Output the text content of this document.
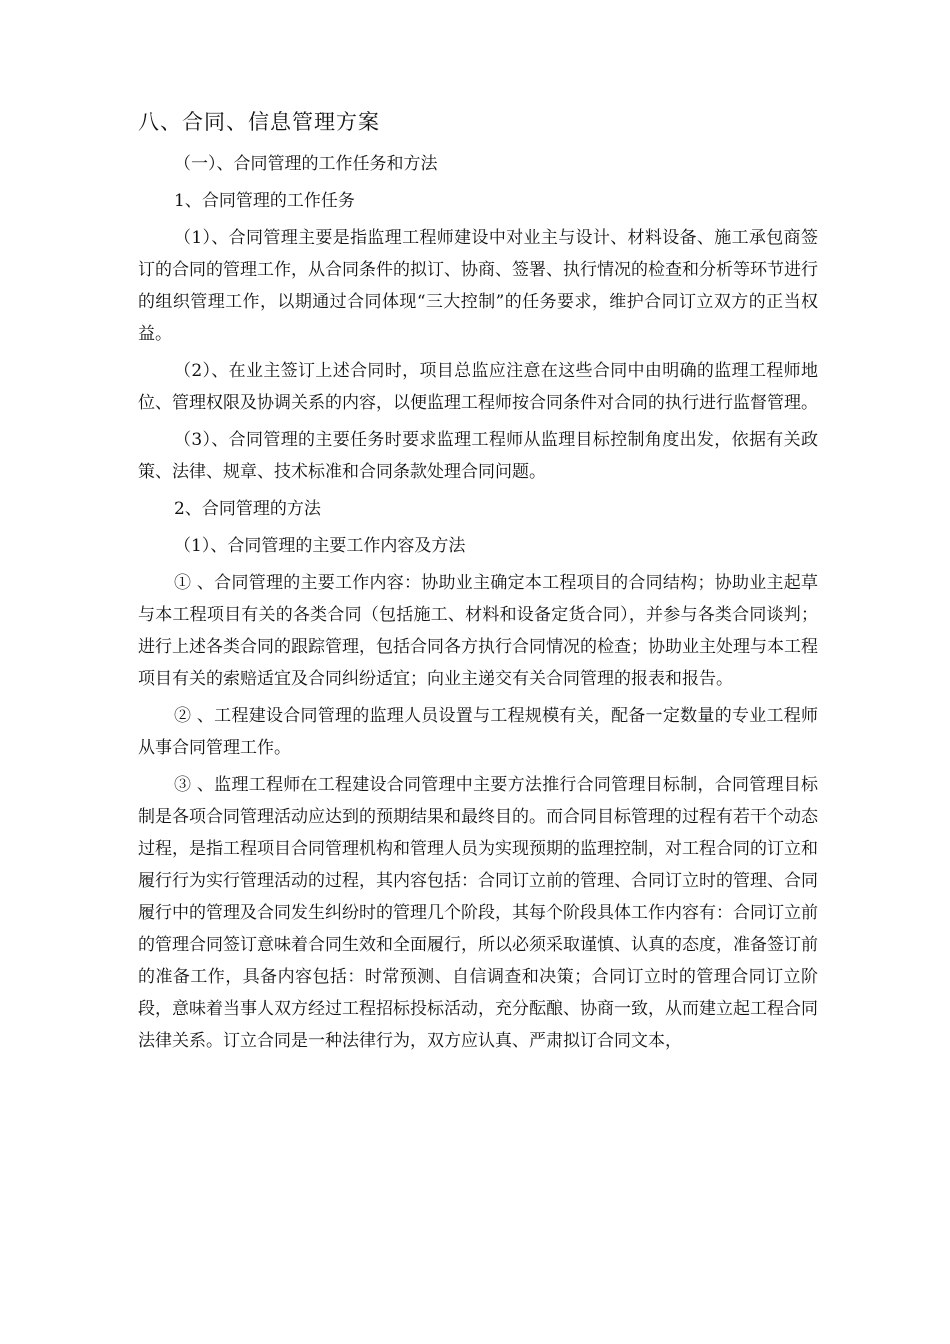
八、合同、信息管理方案

（一）、合同管理的工作任务和方法

1、合同管理的工作任务

（1）、合同管理主要是指监理工程师建设中对业主与设计、材料设备、施工承包商签订的合同的管理工作，从合同条件的拟订、协商、签署、执行情况的检查和分析等环节进行的组织管理工作，以期通过合同体现“三大控制”的任务要求，维护合同订立双方的正当权益。

（2）、在业主签订上述合同时，项目总监应注意在这些合同中由明确的监理工程师地位、管理权限及协调关系的内容，以便监理工程师按合同条件对合同的执行进行监督管理。

（3）、合同管理的主要任务时要求监理工程师从监理目标控制角度出发，依据有关政策、法律、规章、技术标准和合同条款处理合同问题。

2、合同管理的方法

（1）、合同管理的主要工作内容及方法

① 、合同管理的主要工作内容：协助业主确定本工程项目的合同结构；协助业主起草与本工程项目有关的各类合同（包括施工、材料和设备定货合同），并参与各类合同谈判；进行上述各类合同的跟踪管理，包括合同各方执行合同情况的检查；协助业主处理与本工程项目有关的索赔适宜及合同纠纷适宜；向业主递交有关合同管理的报表和报告。

② 、工程建设合同管理的监理人员设置与工程规模有关，配备一定数量的专业工程师从事合同管理工作。

③ 、监理工程师在工程建设合同管理中主要方法推行合同管理目标制，合同管理目标制是各项合同管理活动应达到的预期结果和最终目的。而合同目标管理的过程有若干个动态过程，是指工程项目合同管理机构和管理人员为实现预期的监理控制，对工程合同的订立和履行行为实行管理活动的过程，其内容包括：合同订立前的管理、合同订立时的管理、合同履行中的管理及合同发生纠纷时的管理几个阶段，其每个阶段具体工作内容有：合同订立前的管理合同签订意味着合同生效和全面履行，所以必须采取谨慎、认真的态度，准备签订前的准备工作，具备内容包括：时常预测、自信调查和决策；合同订立时的管理合同订立阶段，意味着当事人双方经过工程招标投标活动，充分酝酿、协商一致，从而建立起工程合同法律关系。订立合同是一种法律行为，双方应认真、严肃拟订合同文本，
